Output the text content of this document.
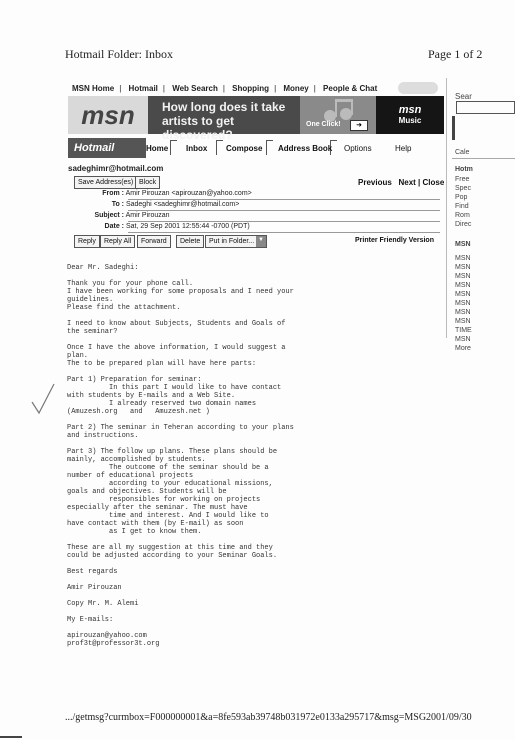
Hotmail Folder: Inbox	Page 1 of 2
MSN Home | Hotmail | Web Search | Shopping | Money | People & Chat
msn	How long does it take artists to get discovered?
One Click!	➜
msn
Music
Hotmail	Home Inbox Compose Address Book Options	Help
sadeghimr@hotmail.com
Save Address(es) Block	Previous Next | Close
From : Amir Pirouzan <apirouzan@yahoo.com>
To : Sadeghi <sadeghimr@hotmail.com>
Subject : Amir Pirouzan
Date : Sat, 29 Sep 2001 12:55:44 -0700 (PDT)
Reply	Reply All	Forward	Delete	Put in Folder... ▼	Printer Friendly Version
Dear Mr. Sadeghi:

Thank you for your phone call.
I have been working for some proposals and I need your
guidelines.
Please find the attachment.

I need to know about Subjects, Students and Goals of
the seminar?

Once I have the above information, I would suggest a
plan.
The to be prepared plan will have here parts:

Part 1) Preparation for seminar:
In this part I would like to have contact
with students by E-mails and a Web Site.
I already reserved two domain names
(Amuzesh.org   and   Amuzesh.net )

Part 2) The seminar in Teheran according to your plans
and instructions.

Part 3) The follow up plans. These plans should be
mainly, accomplished by students.
The outcome of the seminar should be a
number of educational projects
according to your educational missions,
goals and objectives. Students will be
responsibles for working on projects
especially after the seminar. The must have
time and interest. And I would like to
have contact with them (by E-mail) as soon
as I get to know them.

These are all my suggestion at this time and they
could be adjusted according to your Seminar Goals.

Best regards

Amir Pirouzan

Copy Mr. M. Alemi

My E-mails:

apirouzan@yahoo.com
prof3t@professor3t.org
Sear
Cale
Hotm
Free
Spec
Pop
Find
Rom
Direc
MSN
MSN
MSN
MSN
MSN
MSN
MSN
MSN
MSN
TIME
MSN
More
.../getmsg?curmbox=F000000001&a=8fe593ab39748b031972e0133a295717&msg=MSG2001/09/30
